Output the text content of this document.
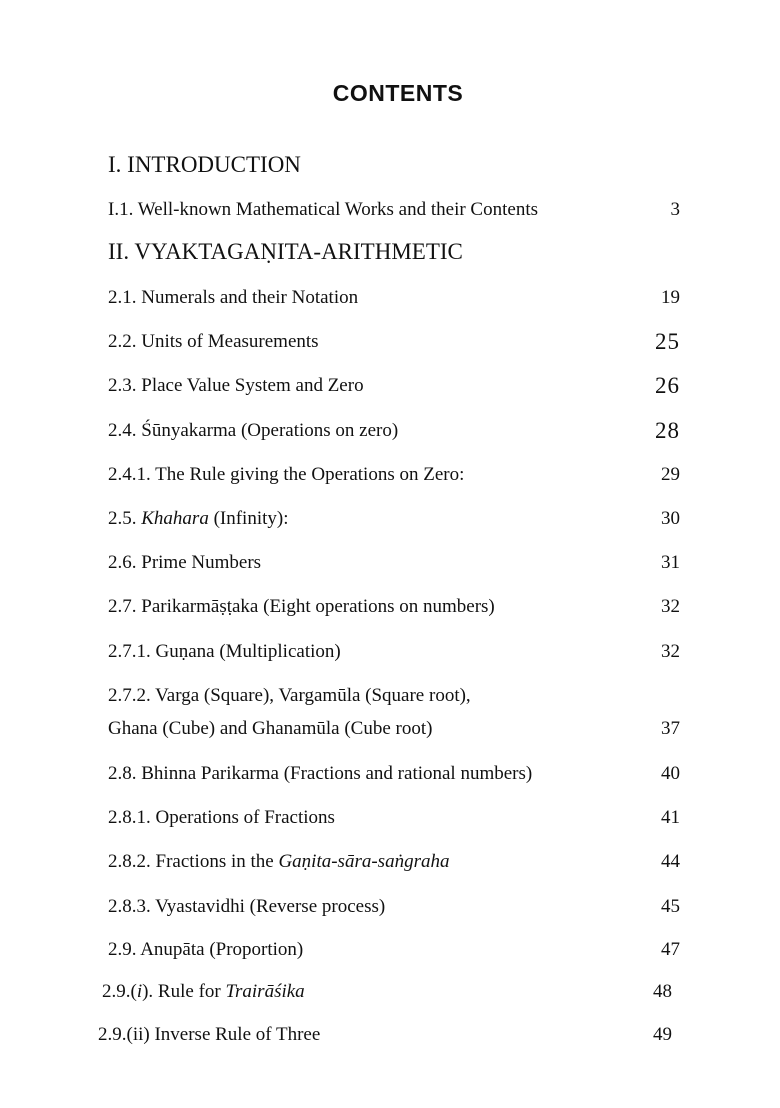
CONTENTS
I. INTRODUCTION
I.1. Well-known Mathematical Works and their Contents	3
II. VYAKTAGAṆITA-ARITHMETIC
2.1. Numerals and their Notation	19
2.2. Units of Measurements	25
2.3. Place Value System and Zero	26
2.4. Śūnyakarma (Operations on zero)	28
2.4.1. The Rule giving the Operations on Zero:	29
2.5. Khahara (Infinity):	30
2.6. Prime Numbers	31
2.7. Parikarmāṣṭaka (Eight operations on numbers)	32
2.7.1. Guṇana (Multiplication)	32
2.7.2. Varga (Square), Vargamūla (Square root),
Ghana (Cube) and Ghanamūla (Cube root)	37
2.8. Bhinna Parikarma (Fractions and rational numbers)	40
2.8.1. Operations of Fractions	41
2.8.2. Fractions in the Gaṇita-sāra-saṅgraha	44
2.8.3. Vyastavidhi (Reverse process)	45
2.9. Anupāta (Proportion)	47
2.9.(i). Rule for Trairāśika	48
2.9.(ii) Inverse Rule of Three	49
